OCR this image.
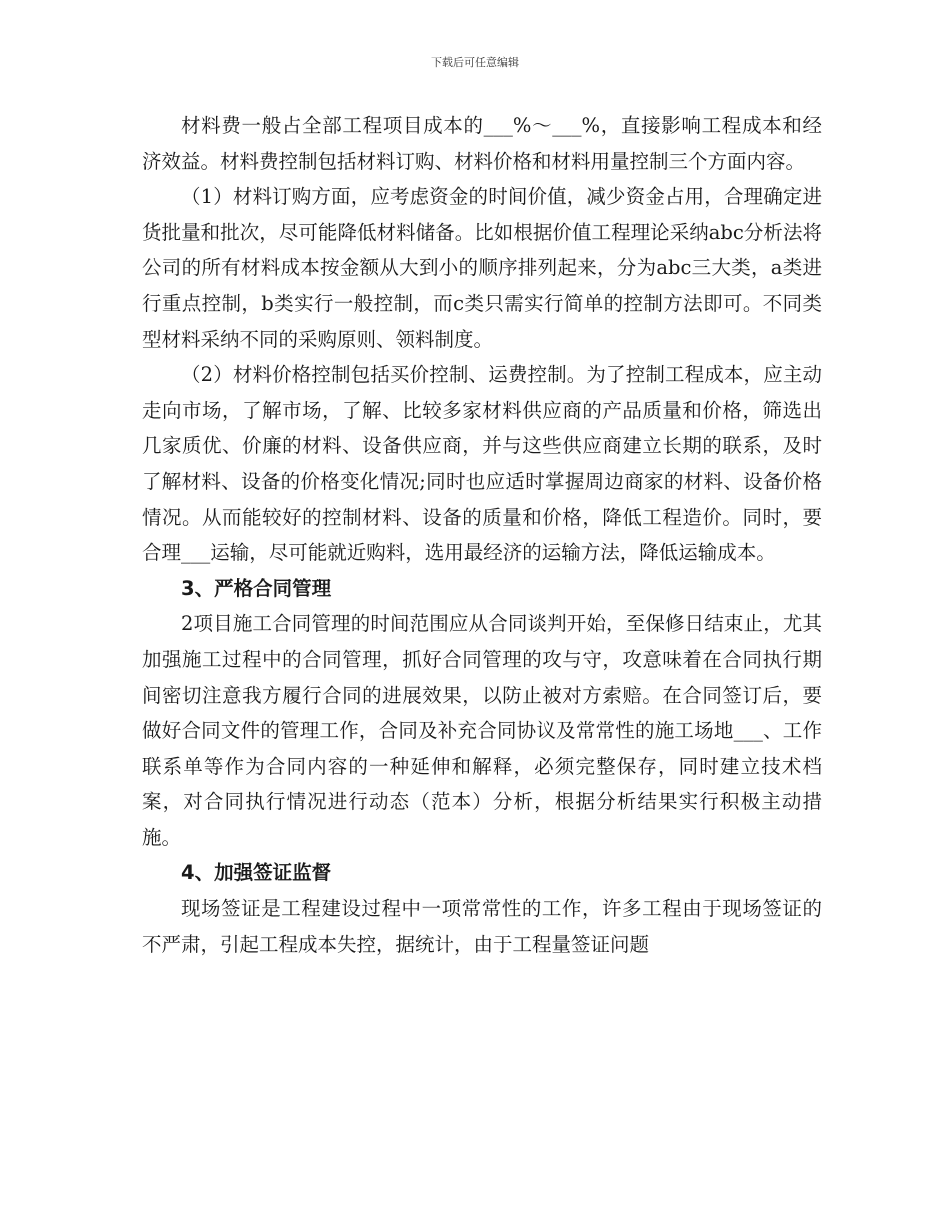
下载后可任意编辑

材料费一般占全部工程项目成本的___%～___%，直接影响工程成本和经济效益。材料费控制包括材料订购、材料价格和材料用量控制三个方面内容。

（1）材料订购方面，应考虑资金的时间价值，减少资金占用，合理确定进货批量和批次，尽可能降低材料储备。比如根据价值工程理论采纳abc分析法将公司的所有材料成本按金额从大到小的顺序排列起来，分为abc三大类，a类进行重点控制，b类实行一般控制，而c类只需实行简单的控制方法即可。不同类型材料采纳不同的采购原则、领料制度。

（2）材料价格控制包括买价控制、运费控制。为了控制工程成本，应主动走向市场，了解市场，了解、比较多家材料供应商的产品质量和价格，筛选出几家质优、价廉的材料、设备供应商，并与这些供应商建立长期的联系，及时了解材料、设备的价格变化情况;同时也应适时掌握周边商家的材料、设备价格情况。从而能较好的控制材料、设备的质量和价格，降低工程造价。同时，要合理___运输，尽可能就近购料，选用最经济的运输方法，降低运输成本。

3、严格合同管理

2项目施工合同管理的时间范围应从合同谈判开始，至保修日结束止，尤其加强施工过程中的合同管理，抓好合同管理的攻与守，攻意味着在合同执行期间密切注意我方履行合同的进展效果，以防止被对方索赔。在合同签订后，要做好合同文件的管理工作，合同及补充合同协议及常常性的施工场地___、工作联系单等作为合同内容的一种延伸和解释，必须完整保存，同时建立技术档案，对合同执行情况进行动态（范本）分析，根据分析结果实行积极主动措施。

4、加强签证监督

现场签证是工程建设过程中一项常常性的工作，许多工程由于现场签证的不严肃，引起工程成本失控，据统计，由于工程量签证问题
